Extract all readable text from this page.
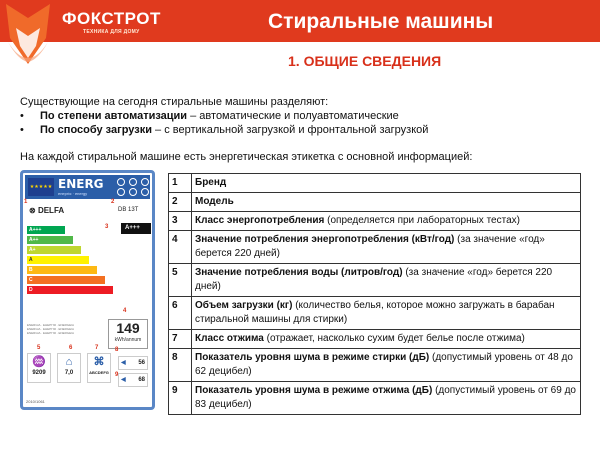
ФОКСТРОТ
ТЕХНИКА ДЛЯ ДОМУ	Стиральные машины
1. ОБЩИЕ СВЕДЕНИЯ
Существующие на сегодня стиральные машины разделяют:
• По степени автоматизации – автоматические и полуавтоматические
• По способу загрузки – с вертикальной загрузкой и фронтальной загрузкой
На каждой стиральной машине есть энергетическая этикетка с основной информацией:
★★★★★ ENERG
енергія · energy
1
⊗ DELFA
2
DB 13T
A+++
A++
A+
A
B
C
D
3	A+++
ENERGIA · ЕНЕРГІЯ · ENERGEIA
ENERGIA · ЕНЕРГІЯ · ENERGEIA
ENERGIA · ЕНЕРГІЯ · ENERGEIA
4
149
kWh/annum
5	6	7	8
♒
9209
⌂
7,0
⌘
ABCDEFG
◀ 56
9
◀ 68
2010/1061
1	Бренд
2	Модель
3	Класс энергопотребления (определяется при лабораторных тестах)
4	Значение потребления энергопотребления (кВт/год) (за значение «год» берется 220 дней)
5	Значение потребления воды (литров/год) (за значение «год» берется 220 дней)
6	Объем загрузки (кг) (количество белья, которое можно загружать в барабан стиральной машины для стирки)
7	Класс отжима (отражает, насколько сухим будет белье после отжима)
8	Показатель уровня шума в режиме стирки (дБ) (допустимый уровень от 48 до 62 децибел)
9	Показатель уровня шума в режиме отжима (дБ) (допустимый уровень от 69 до 83 децибел)
